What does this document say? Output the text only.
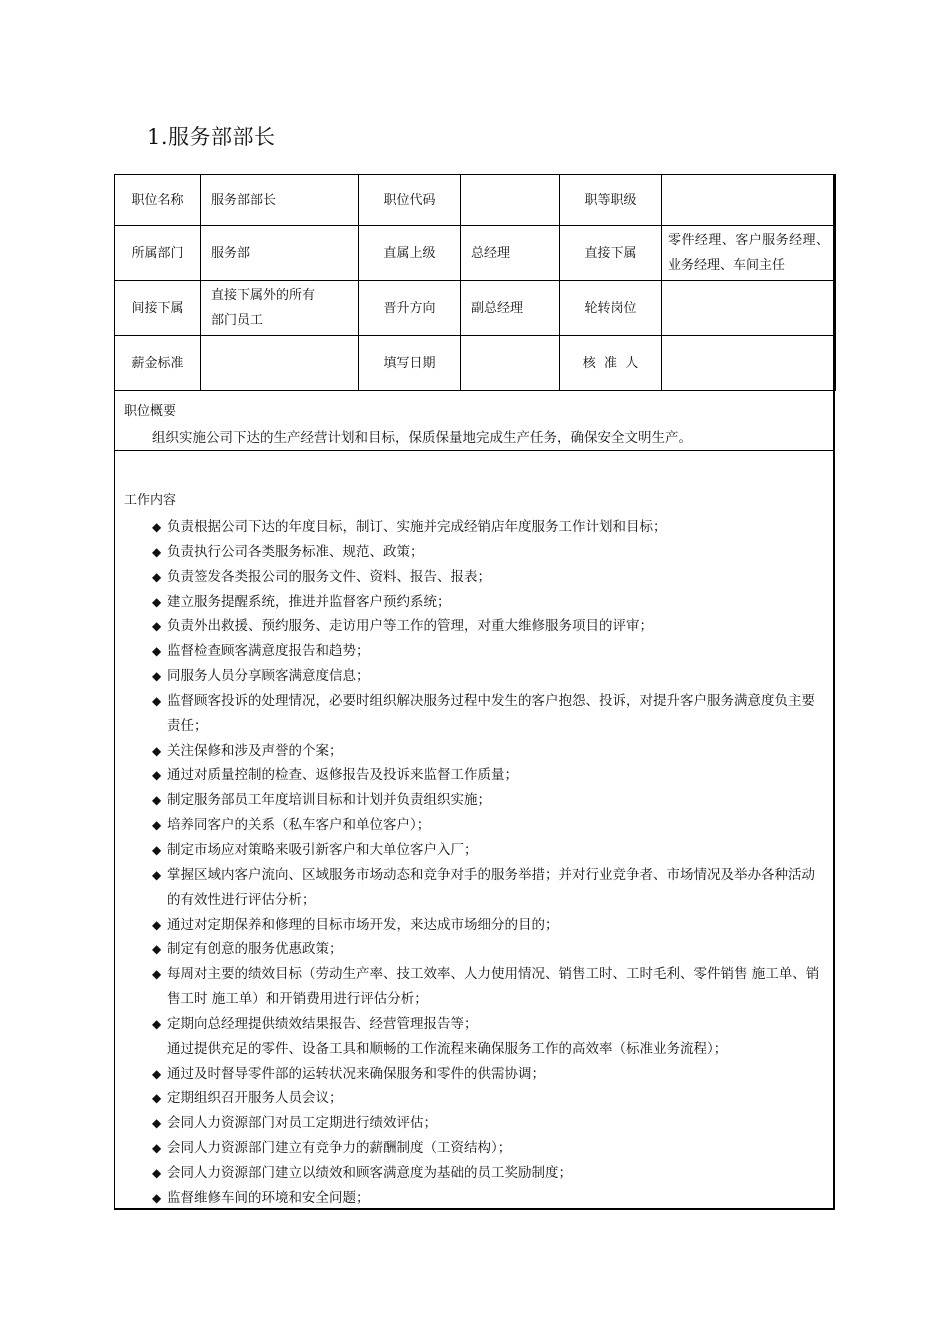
1.服务部部长
职位名称	服务部部长	职位代码		职等职级	
所属部门	服务部	直属上级	总经理	直接下属	零件经理、客户服务经理、业务经理、车间主任
间接下属	直接下属外的所有部门员工	晋升方向	副总经理	轮转岗位	
薪金标准		填写日期		核  准  人	
职位概要
组织实施公司下达的生产经营计划和目标，保质保量地完成生产任务，确保安全文明生产。
工作内容
◆ 负责根据公司下达的年度目标，制订、实施并完成经销店年度服务工作计划和目标；
◆ 负责执行公司各类服务标准、规范、政策；
◆ 负责签发各类报公司的服务文件、资料、报告、报表；
◆ 建立服务提醒系统，推进并监督客户预约系统；
◆ 负责外出救援、预约服务、走访用户等工作的管理，对重大维修服务项目的评审；
◆ 监督检查顾客满意度报告和趋势；
◆ 同服务人员分享顾客满意度信息；
◆ 监督顾客投诉的处理情况，必要时组织解决服务过程中发生的客户抱怨、投诉，对提升客户服务满意度负主要责任；
◆ 关注保修和涉及声誉的个案；
◆ 通过对质量控制的检查、返修报告及投诉来监督工作质量；
◆ 制定服务部员工年度培训目标和计划并负责组织实施；
◆ 培养同客户的关系（私车客户和单位客户）；
◆ 制定市场应对策略来吸引新客户和大单位客户入厂；
◆ 掌握区域内客户流向、区域服务市场动态和竞争对手的服务举措；并对行业竞争者、市场情况及举办各种活动的有效性进行评估分析；
◆ 通过对定期保养和修理的目标市场开发，来达成市场细分的目的；
◆ 制定有创意的服务优惠政策；
◆ 每周对主要的绩效目标（劳动生产率、技工效率、人力使用情况、销售工时、工时毛利、零件销售 施工单、销售工时 施工单）和开销费用进行评估分析；
◆ 定期向总经理提供绩效结果报告、经营管理报告等；
通过提供充足的零件、设备工具和顺畅的工作流程来确保服务工作的高效率（标准业务流程）；
◆ 通过及时督导零件部的运转状况来确保服务和零件的供需协调；
◆ 定期组织召开服务人员会议；
◆ 会同人力资源部门对员工定期进行绩效评估；
◆ 会同人力资源部门建立有竞争力的薪酬制度（工资结构）；
◆ 会同人力资源部门建立以绩效和顾客满意度为基础的员工奖励制度；
◆ 监督维修车间的环境和安全问题；
